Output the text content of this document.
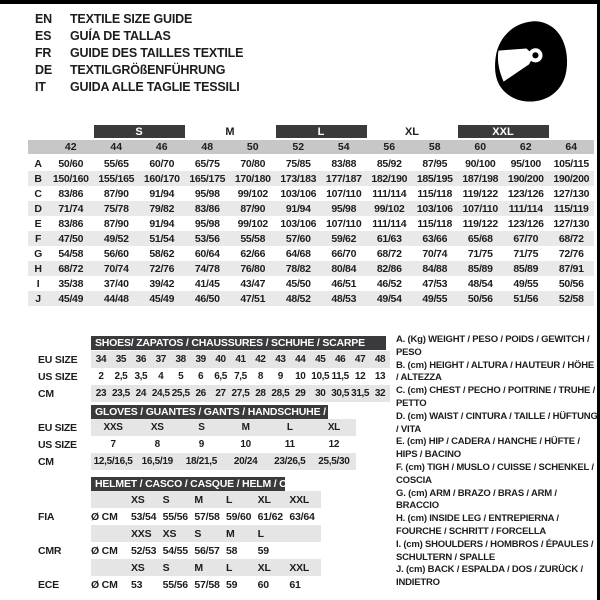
EN	TEXTILE SIZE GUIDE
ES	GUÍA DE TALLAS
FR	GUIDE DES TAILLES TEXTILE
DE	TEXTILGRÖßENFÜHRUNG
IT	GUIDA ALLE TAGLIE TESSILI
S	M	L	XL	XXL
42	44	46	48	50	52	54	56	58	60	62	64
A	50/60	55/65	60/70	65/75	70/80	75/85	83/88	85/92	87/95	90/100	95/100	105/115
B	150/160 155/165 160/170 165/175 170/180 173/183 177/187 182/190 185/195 187/198 190/200 190/200
C	83/86	87/90	91/94	95/98	99/102	103/106 107/110	111/114	115/118	119/122 123/126 127/130
D	71/74	75/78	79/82	83/86	87/90	91/94	95/98	99/102	103/106 107/110	111/114	115/119
E	83/86	87/90	91/94	95/98	99/102	103/106 107/110	111/114	115/118	119/122 123/126 127/130
F	47/50	49/52	51/54	53/56	55/58	57/60	59/62	61/63	63/66	65/68	67/70	68/72
G	54/58	56/60	58/62	60/64	62/66	64/68	66/70	68/72	70/74	71/75	71/75	72/76
H	68/72	70/74	72/76	74/78	76/80	78/82	80/84	82/86	84/88	85/89	85/89	87/91
I	35/38	37/40	39/42	41/45	43/47	45/50	46/51	46/52	47/53	48/54	49/55	50/56
J	45/49	44/48	45/49	46/50	47/51	48/52	48/53	49/54	49/55	50/56	51/56	52/58
SHOES/ ZAPATOS / CHAUSSURES / SCHUHE / SCARPE
EU SIZE	34 35 36 37 38 39 40 41 42 43 44 45 46 47 48
US SIZE	2	2,5 3,5	4	5	6	6,5 7,5	8	9	10 10,5 11,5 12 13
CM	23 23,5 24 24,5 25,5 26 27 27,5 28 28,5 29 30 30,5 31,5 32
GLOVES / GUANTES / GANTS / HANDSCHUHE / GUANTI
EU SIZE	XXS	XS	S	M	L	XL
US SIZE	7	8	9	10	11	12
CM	12,5/16,5 16,5/19	18/21,5	20/24	23/26,5	25,5/30
HELMET / CASCO / CASQUE / HELM / CASCO
XS	S	M	L	XL	XXL
FIA	Ø CM	53/54 55/56 57/58 59/60 61/62 63/64
XXS	XS	S	M	L
CMR	Ø CM	52/53 54/55 56/57 58	59
XS	S	M	L	XL	XXL
ECE	Ø CM	53	55/56 57/58 59	60	61
A. (Kg) WEIGHT / PESO / POIDS / GEWITCH / PESO
B. (cm) HEIGHT / ALTURA / HAUTEUR / HÖHE / ALTEZZA
C. (cm) CHEST / PECHO / POITRINE / TRUHE / PETTO
D. (cm) WAIST / CINTURA / TAILLE / HÜFTUNG / VITA
E. (cm) HIP / CADERA / HANCHE / HÜFTE / HIPS / BACINO
F. (cm) TIGH / MUSLO / CUISSE / SCHENKEL / COSCIA
G. (cm) ARM / BRAZO / BRAS / ARM / BRACCIO
H. (cm) INSIDE LEG / ENTREPIERNA / FOURCHE / SCHRITT / FORCELLA
I. (cm) SHOULDERS / HOMBROS / ÉPAULES / SCHULTERN / SPALLE
J. (cm) BACK / ESPALDA / DOS / ZURÜCK / INDIETRO
